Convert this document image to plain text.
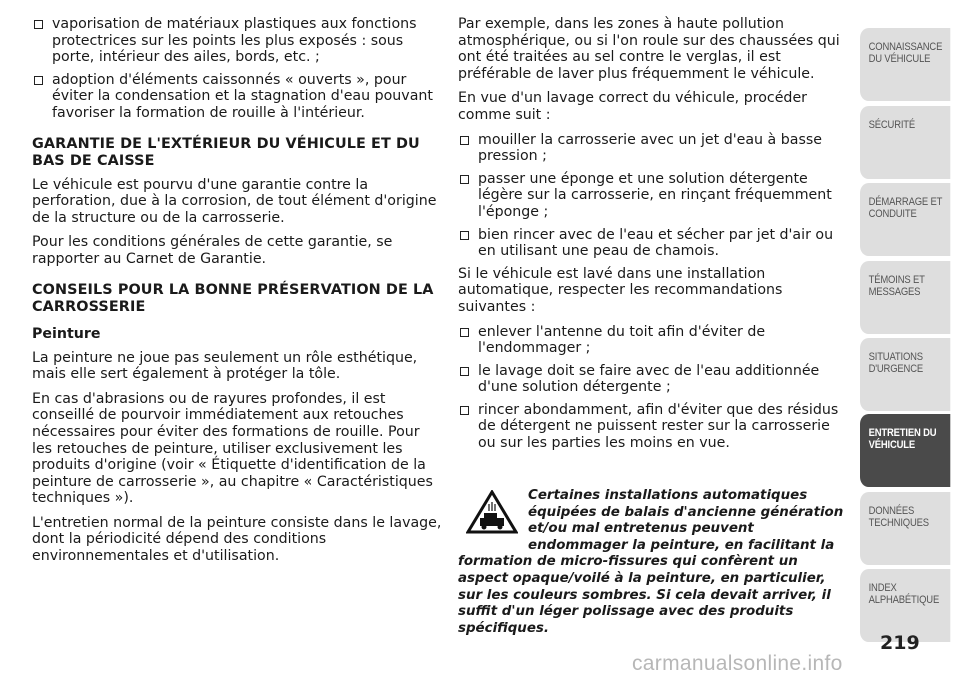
vaporisation de matériaux plastiques aux fonctions protectrices sur les points les plus exposés : sous porte, intérieur des ailes, bords, etc. ;
adoption d'éléments caissonnés « ouverts », pour éviter la condensation et la stagnation d'eau pouvant favoriser la formation de rouille à l'intérieur.
GARANTIE DE L'EXTÉRIEUR DU VÉHICULE ET DU BAS DE CAISSE

Le véhicule est pourvu d'une garantie contre la perforation, due à la corrosion, de tout élément d'origine de la structure ou de la carrosserie.

Pour les conditions générales de cette garantie, se rapporter au Carnet de Garantie.

CONSEILS POUR LA BONNE PRÉSERVATION DE LA CARROSSERIE
Peinture

La peinture ne joue pas seulement un rôle esthétique, mais elle sert également à protéger la tôle.

En cas d'abrasions ou de rayures profondes, il est conseillé de pourvoir immédiatement aux retouches nécessaires pour éviter des formations de rouille. Pour les retouches de peinture, utiliser exclusivement les produits d'origine (voir « Étiquette d'identification de la peinture de carrosserie », au chapitre « Caractéristiques techniques »).

L'entretien normal de la peinture consiste dans le lavage, dont la périodicité dépend des conditions environnementales et d'utilisation.

Par exemple, dans les zones à haute pollution atmosphérique, ou si l'on roule sur des chaussées qui ont été traitées au sel contre le verglas, il est préférable de laver plus fréquemment le véhicule.

En vue d'un lavage correct du véhicule, procéder comme suit :

mouiller la carrosserie avec un jet d'eau à basse pression ;
passer une éponge et une solution détergente légère sur la carrosserie, en rinçant fréquemment l'éponge ;
bien rincer avec de l'eau et sécher par jet d'air ou en utilisant une peau de chamois.

Si le véhicule est lavé dans une installation automatique, respecter les recommandations suivantes :

enlever l'antenne du toit afin d'éviter de l'endommager ;
le lavage doit se faire avec de l'eau additionnée d'une solution détergente ;
rincer abondamment, afin d'éviter que des résidus de détergent ne puissent rester sur la carrosserie ou sur les parties les moins en vue.
Certaines installations automatiques équipées de balais d'ancienne génération et/ou mal entretenus peuvent endommager la peinture, en facilitant la formation de micro-fissures qui confèrent un aspect opaque/voilé à la peinture, en particulier, sur les couleurs sombres. Si cela devait arriver, il suffit d'un léger polissage avec des produits spécifiques.
CONNAISSANCE
DU VÉHICULE
SÉCURITÉ
DÉMARRAGE ET
CONDUITE
TÉMOINS ET
MESSAGES
SITUATIONS
D'URGENCE
ENTRETIEN DU
VÉHICULE
DONNÉES
TECHNIQUES
INDEX
ALPHABÉTIQUE
219
carmanualsonline.info
